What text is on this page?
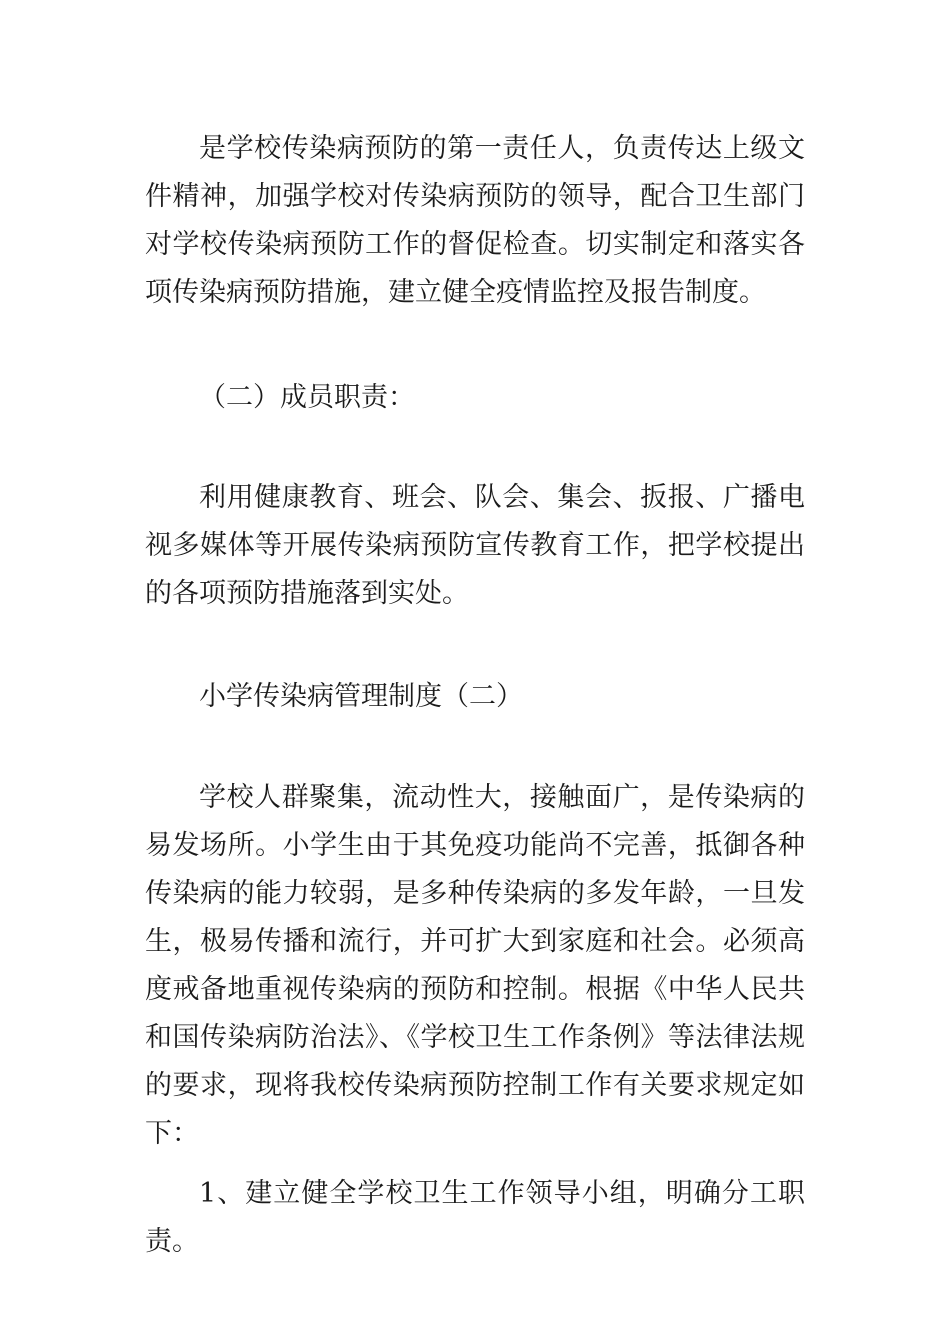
是学校传染病预防的第一责任人，负责传达上级文件精神，加强学校对传染病预防的领导，配合卫生部门对学校传染病预防工作的督促检查。切实制定和落实各项传染病预防措施，建立健全疫情监控及报告制度。

（二）成员职责：

利用健康教育、班会、队会、集会、扳报、广播电视多媒体等开展传染病预防宣传教育工作，把学校提出的各项预防措施落到实处。

小学传染病管理制度（二）

学校人群聚集，流动性大，接触面广，是传染病的易发场所。小学生由于其免疫功能尚不完善，抵御各种传染病的能力较弱，是多种传染病的多发年龄，一旦发生，极易传播和流行，并可扩大到家庭和社会。必须高度戒备地重视传染病的预防和控制。根据《中华人民共和国传染病防治法》、《学校卫生工作条例》等法律法规的要求，现将我校传染病预防控制工作有关要求规定如下：

1、建立健全学校卫生工作领导小组，明确分工职责。
